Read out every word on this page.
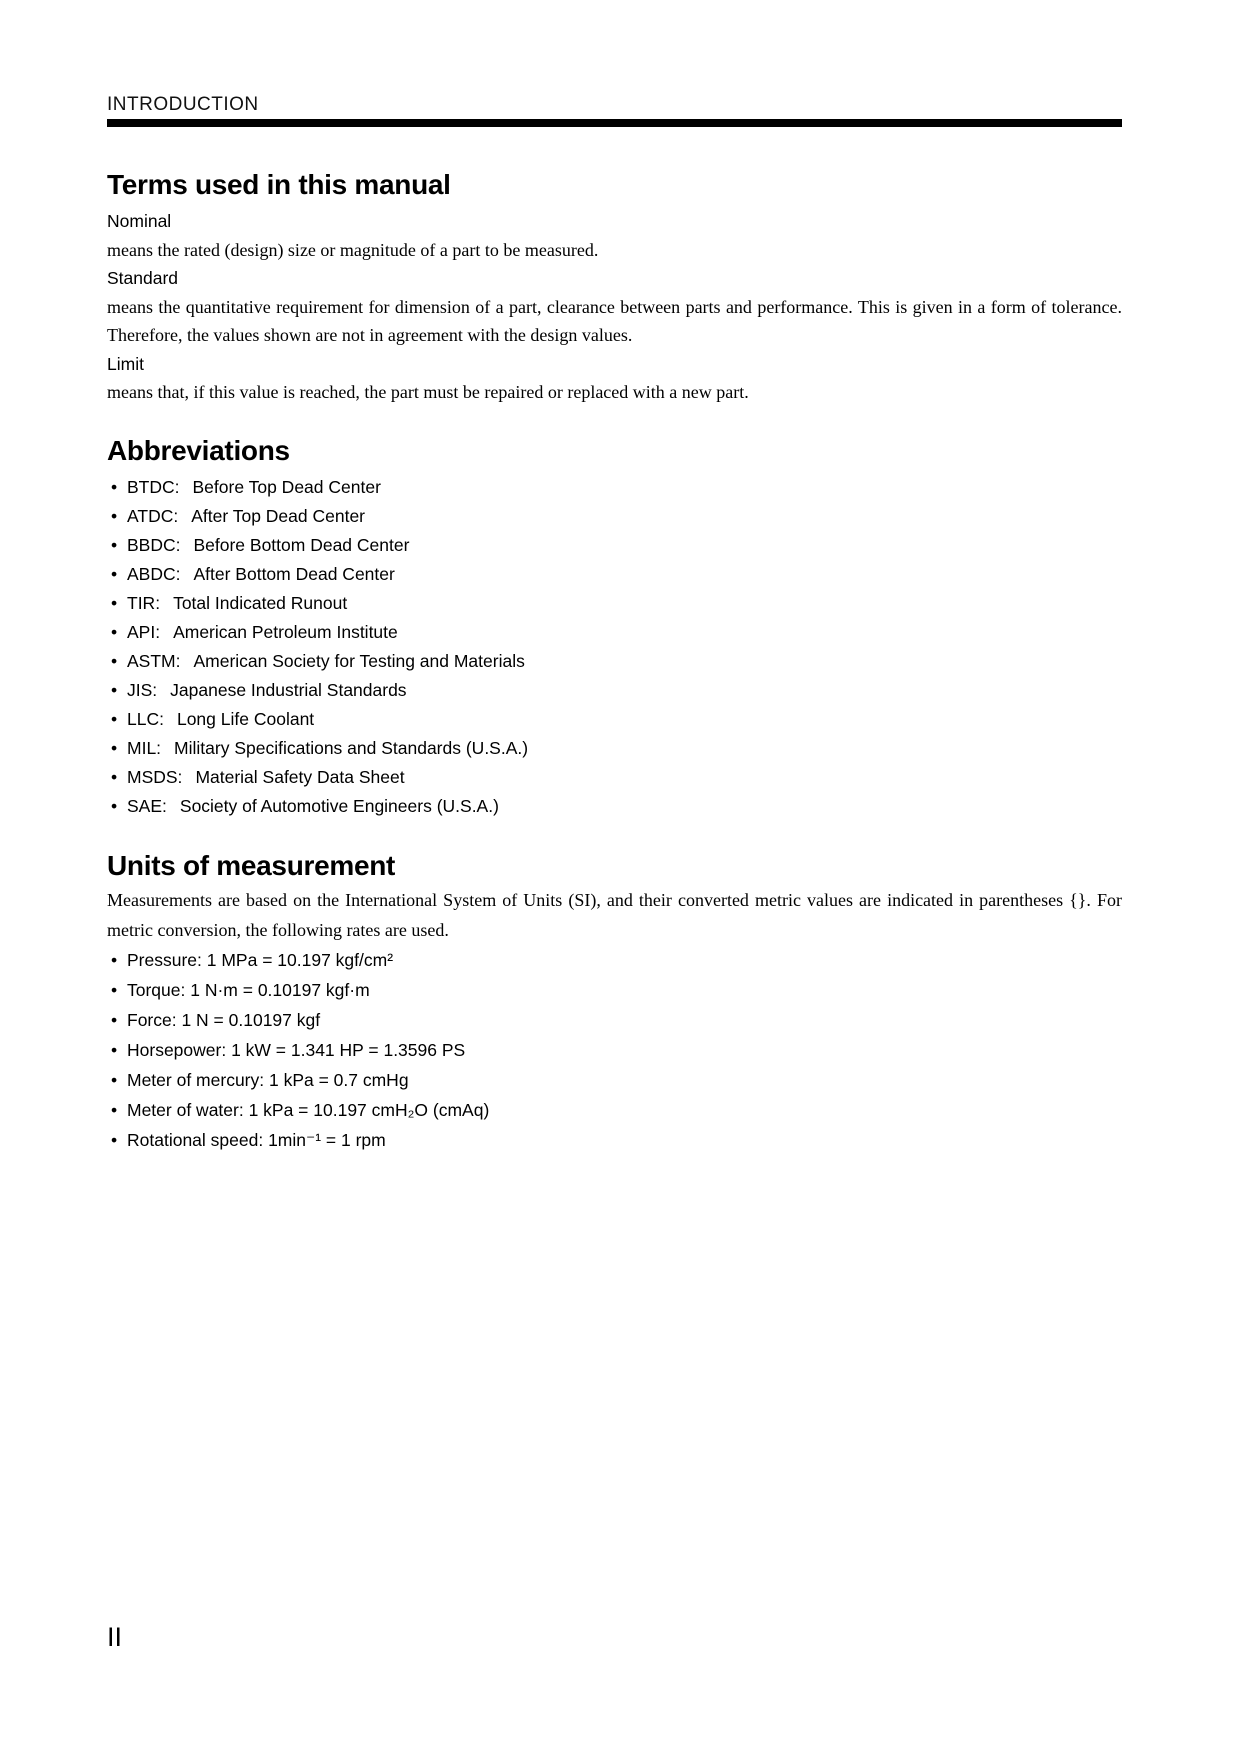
INTRODUCTION
Terms used in this manual
Nominal

means the rated (design) size or magnitude of a part to be measured.

Standard

means the quantitative requirement for dimension of a part, clearance between parts and performance. This is given in a form of tolerance. Therefore, the values shown are not in agreement with the design values.

Limit

means that, if this value is reached, the part must be repaired or replaced with a new part.

Abbreviations
• BTDC: Before Top Dead Center
• ATDC: After Top Dead Center
• BBDC: Before Bottom Dead Center
• ABDC: After Bottom Dead Center
• TIR: Total Indicated Runout
• API: American Petroleum Institute
• ASTM: American Society for Testing and Materials
• JIS: Japanese Industrial Standards
• LLC: Long Life Coolant
• MIL: Military Specifications and Standards (U.S.A.)
• MSDS: Material Safety Data Sheet
• SAE: Society of Automotive Engineers (U.S.A.)
Units of measurement

Measurements are based on the International System of Units (SI), and their converted metric values are indicated in parentheses {}. For metric conversion, the following rates are used.

• Pressure: 1 MPa = 10.197 kgf/cm²
• Torque: 1 N·m = 0.10197 kgf·m
• Force: 1 N = 0.10197 kgf
• Horsepower: 1 kW = 1.341 HP = 1.3596 PS
• Meter of mercury: 1 kPa = 0.7 cmHg
• Meter of water: 1 kPa = 10.197 cmH₂O (cmAq)
• Rotational speed: 1min⁻¹ = 1 rpm
II
